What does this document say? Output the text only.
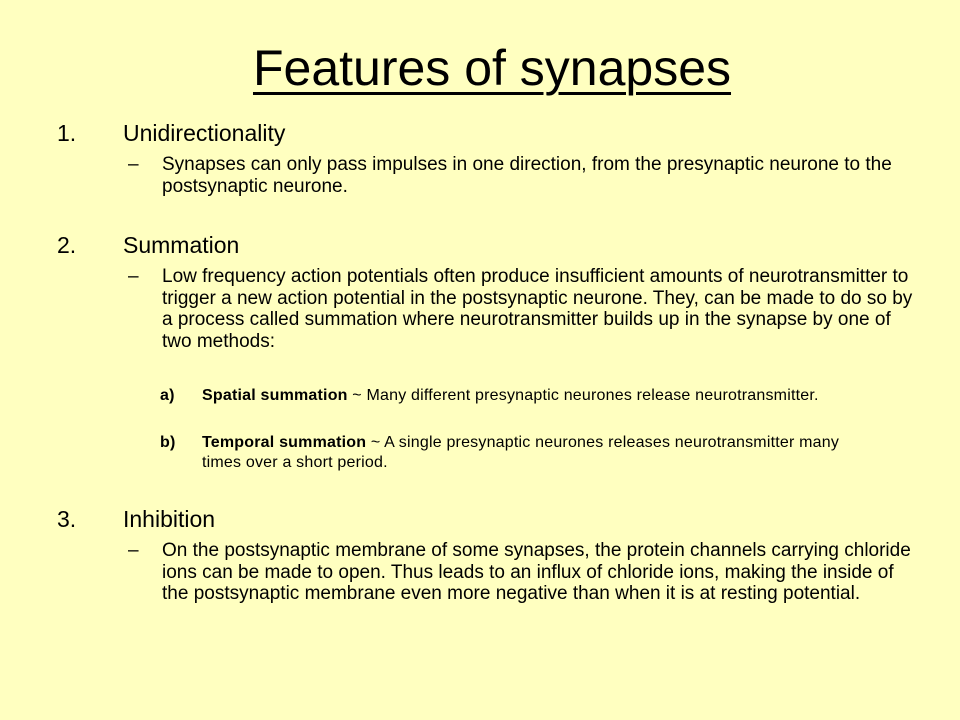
Features of synapses
1. Unidirectionality
– Synapses can only pass impulses in one direction, from the presynaptic neurone to the postsynaptic neurone.
2. Summation
– Low frequency action potentials often produce insufficient amounts of neurotransmitter to trigger a new action potential in the postsynaptic neurone. They, can be made to do so by a process called summation where neurotransmitter builds up in the synapse by one of two methods:
a) Spatial summation ~ Many different presynaptic neurones release neurotransmitter.
b) Temporal summation ~ A single presynaptic neurones releases neurotransmitter many times over a short period.
3. Inhibition
– On the postsynaptic membrane of some synapses, the protein channels carrying chloride ions can be made to open. Thus leads to an influx of chloride ions, making the inside of the postsynaptic membrane even more negative than when it is at resting potential.
